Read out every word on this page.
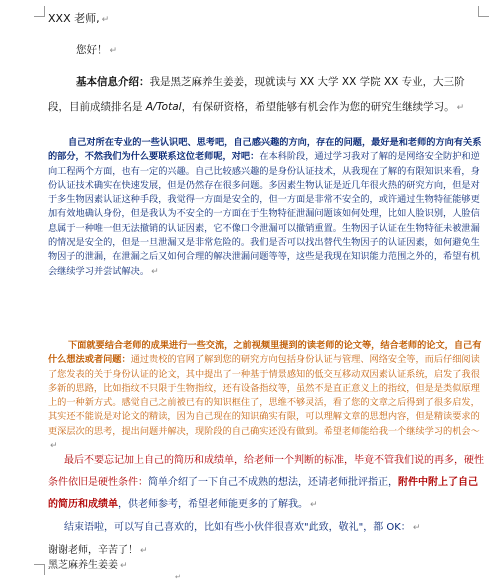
XXX 老师, ↵
您好！ ↵
基本信息介绍：我是黑芝麻养生姜姜，现就读与 XX 大学 XX 学院 XX 专业，大三阶段，目前成绩排名是 A/Total，有保研资格，希望能够有机会作为您的研究生继续学习。 ↵
自己对所在专业的一些认识吧、思考吧，自己感兴趣的方向，存在的问题，最好是和老师的方向有关系的部分，不然我们为什么要联系这位老师呢，对吧：在本科阶段，通过学习我对了解的是网络安全防护和逆向工程两个方面，也有一定的兴趣。自己比较感兴趣的是身份认证技术，从我现在了解的有限知识来看，身份认证技术确实在快速发展，但是仍然存在很多问题。多因素生物认证是近几年很火热的研究方向，但是对于多生物因素认证这种手段，我觉得一方面是安全的，但一方面是非常不安全的，或许通过生物特征能够更加有效地确认身份，但是我认为不安全的一方面在于生物特征泄漏问题该如何处理，比如人脸识别，人脸信息属于一种唯一但无法撤销的认证因素，它不像口令泄漏可以撤销重置。生物因子认证在生物特征未被泄漏的情况是安全的，但是一旦泄漏又是非常危险的。我们是否可以找出替代生物因子的认证因素，如何避免生物因子的泄漏，在泄漏之后又如何合理的解决泄漏问题等等，这些是我现在知识能力范围之外的，希望有机会继续学习并尝试解决。 ↵
下面就要结合老师的成果进行一些交流，之前视频里提到的读老师的论文等，结合老师的论文，自己有什么想法或者问题：通过贵校的官网了解到您的研究方向包括身份认证与管理、网络安全等，而后仔细阅读了您发表的关于身份认证的论文，其中提出了一种基于情景感知的低交互移动双因素认证系统，启发了我很多新的思路，比如指纹不只限于生物指纹，还有设备指纹等，虽然不是直正意义上的指纹，但是是类似原理上的一种新方式。感觉自己之前被已有的知识框住了，思维不够灵活，看了您的文章之后得到了很多启发，其实还不能说是对论文的精读，因为自己现在的知识确实有限，可以理解文章的思想内容，但是精读要求的更深层次的思考，提出问题并解决，现阶段的自己确实还没有做到。希望老师能给我一个继续学习的机会～↵
最后不要忘记加上自己的简历和成绩单，给老师一个判断的标准，毕竟不管我们说的再多，硬性条件依旧是硬性条件：简单介绍了一下自己不成熟的想法，还请老师批评指正，附件中附上了自己的简历和成绩单，供老师参考，希望老师能更多的了解我。 ↵
结束语啦，可以写自己喜欢的，比如有些小伙伴很喜欢"此致，敬礼"，都 OK： ↵
谢谢老师，辛苦了！ ↵
黑芝麻养生姜姜 ↵
↵
